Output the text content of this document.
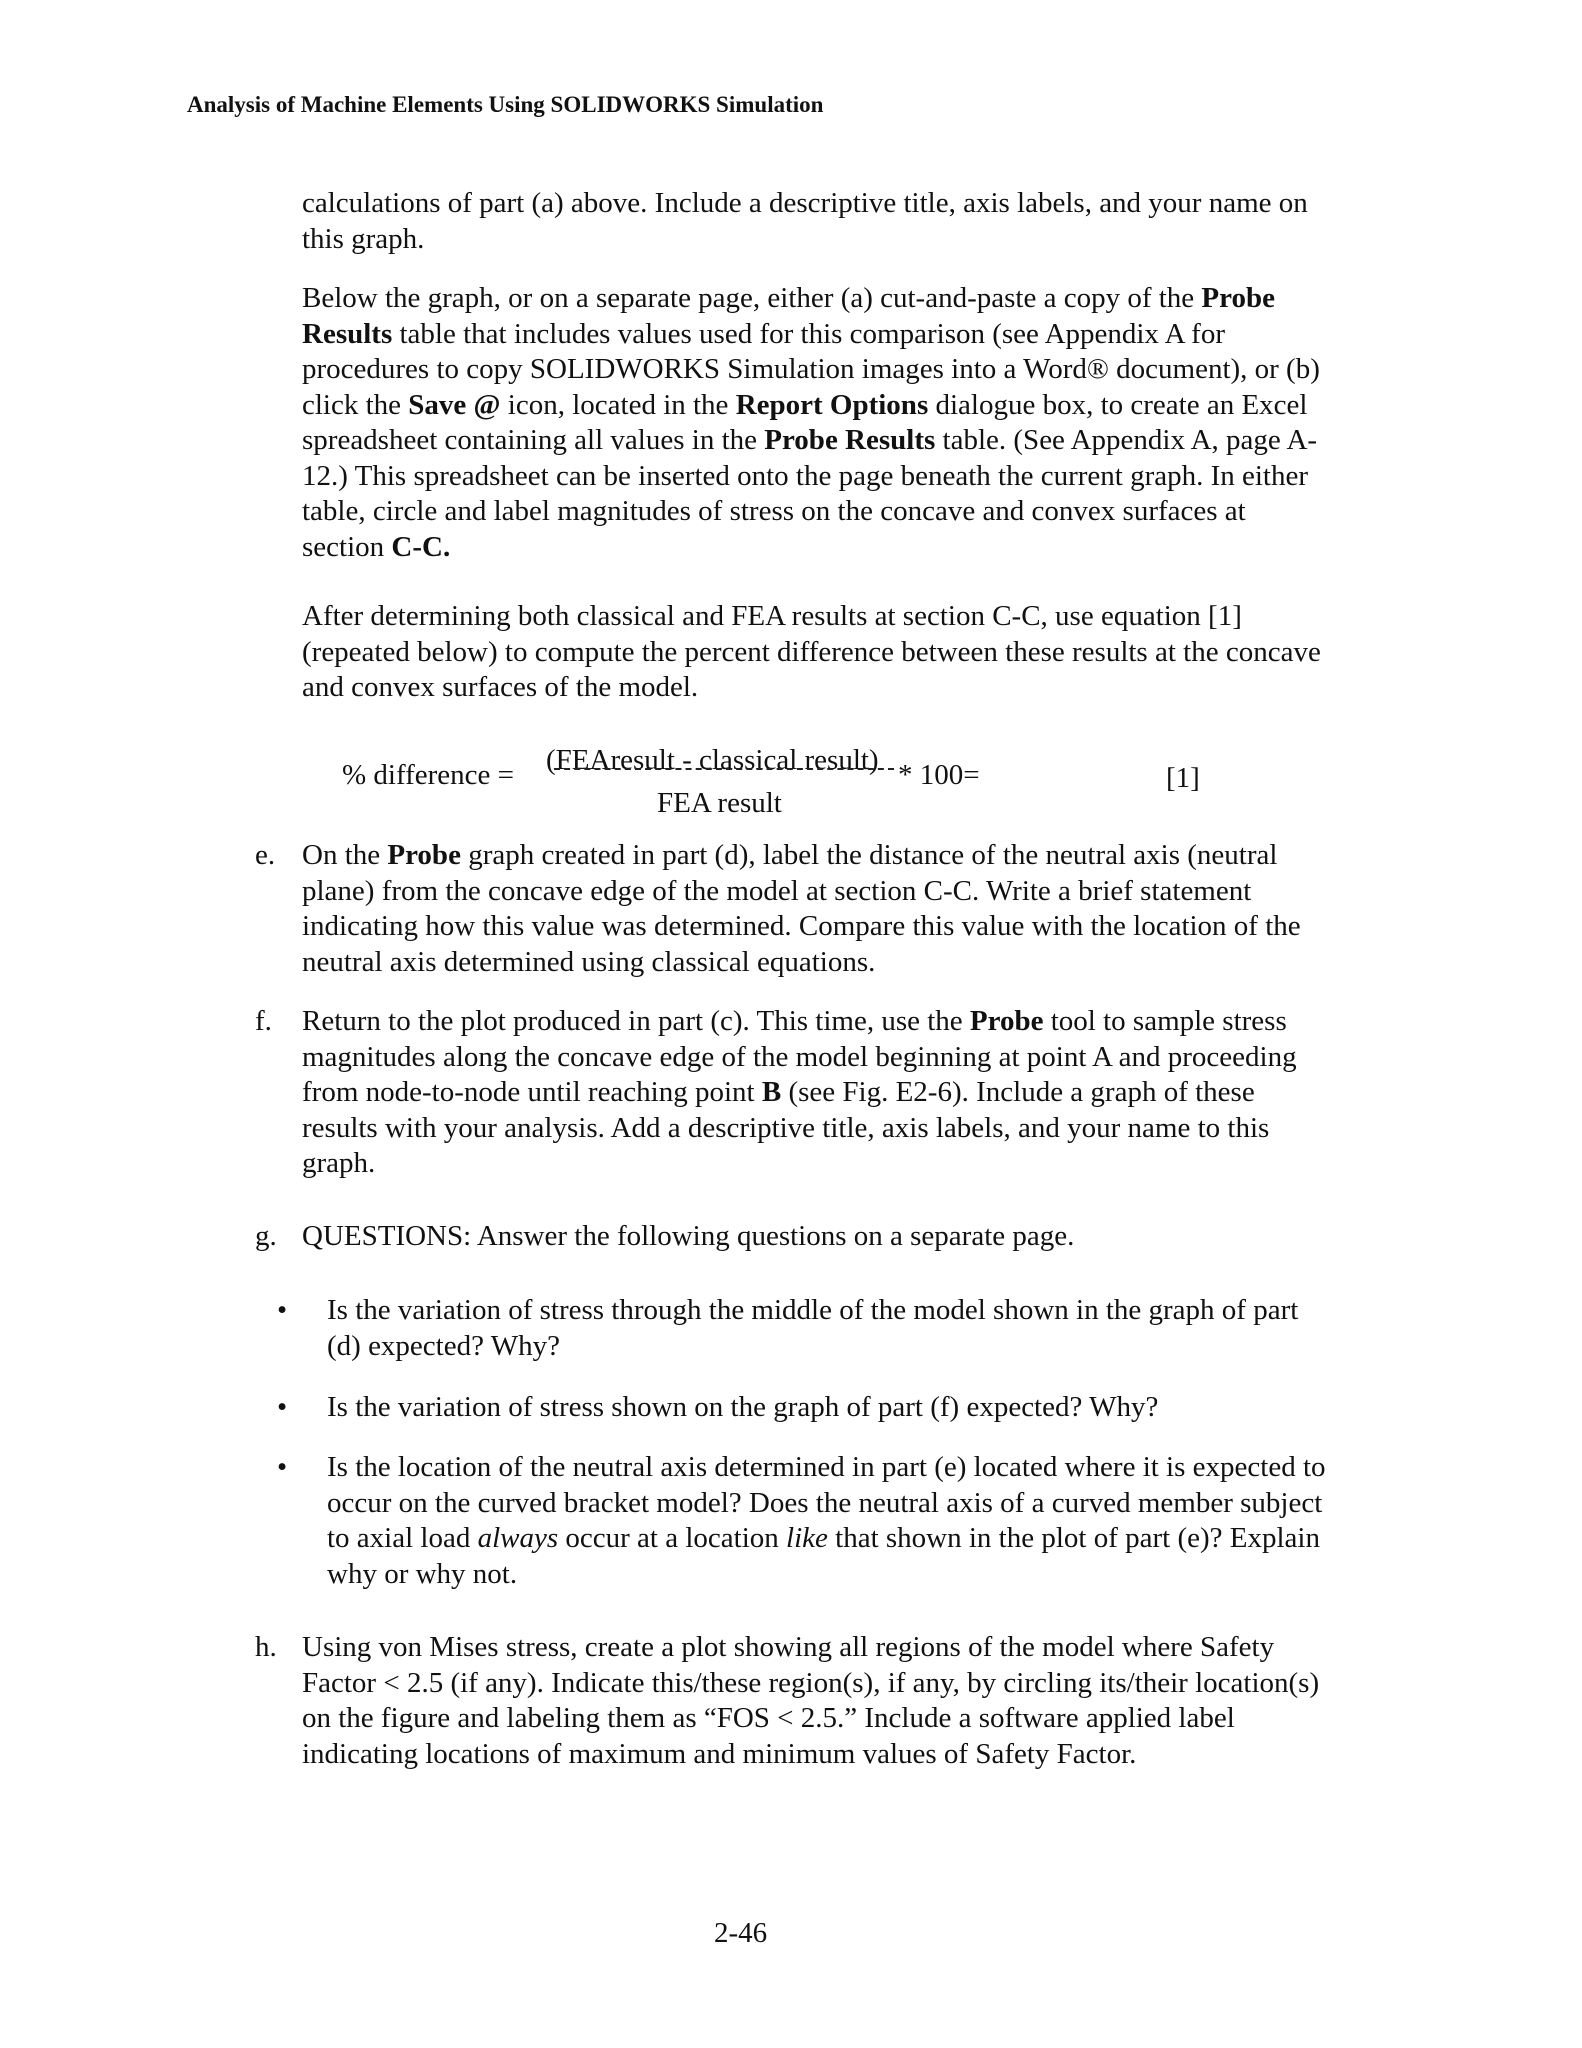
Analysis of Machine Elements Using SOLIDWORKS Simulation
calculations of part (a) above. Include a descriptive title, axis labels, and your name on this graph.
Below the graph, or on a separate page, either (a) cut-and-paste a copy of the Probe Results table that includes values used for this comparison (see Appendix A for procedures to copy SOLIDWORKS Simulation images into a Word® document), or (b) click the Save @ icon, located in the Report Options dialogue box, to create an Excel spreadsheet containing all values in the Probe Results table. (See Appendix A, page A-12.) This spreadsheet can be inserted onto the page beneath the current graph. In either table, circle and label magnitudes of stress on the concave and convex surfaces at section C-C.
After determining both classical and FEA results at section C-C, use equation [1] (repeated below) to compute the percent difference between these results at the concave and convex surfaces of the model.
% difference = (FEAresult - classical result) * 100=
FEA result
[1]
e. On the Probe graph created in part (d), label the distance of the neutral axis (neutral plane) from the concave edge of the model at section C-C. Write a brief statement indicating how this value was determined. Compare this value with the location of the neutral axis determined using classical equations.
f. Return to the plot produced in part (c). This time, use the Probe tool to sample stress magnitudes along the concave edge of the model beginning at point A and proceeding from node-to-node until reaching point B (see Fig. E2-6). Include a graph of these results with your analysis. Add a descriptive title, axis labels, and your name to this graph.
g. QUESTIONS: Answer the following questions on a separate page.
• Is the variation of stress through the middle of the model shown in the graph of part (d) expected? Why?
• Is the variation of stress shown on the graph of part (f) expected? Why?
• Is the location of the neutral axis determined in part (e) located where it is expected to occur on the curved bracket model? Does the neutral axis of a curved member subject to axial load always occur at a location like that shown in the plot of part (e)? Explain why or why not.
h. Using von Mises stress, create a plot showing all regions of the model where Safety Factor < 2.5 (if any). Indicate this/these region(s), if any, by circling its/their location(s) on the figure and labeling them as “FOS < 2.5.” Include a software applied label indicating locations of maximum and minimum values of Safety Factor.
2-46
